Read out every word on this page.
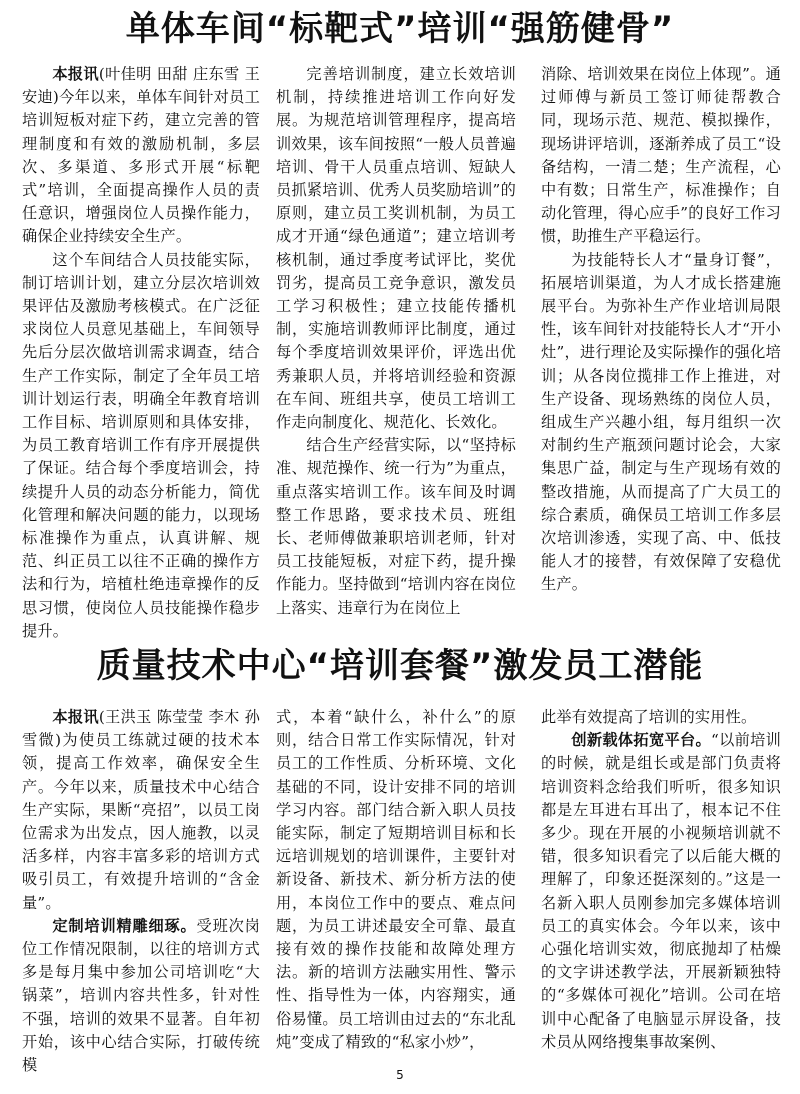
单体车间“标靶式”培训“强筋健骨”

本报讯(叶佳明 田甜 庄东雪 王安迪)今年以来，单体车间针对员工培训短板对症下药，建立完善的管理制度和有效的激励机制，多层次、多渠道、多形式开展“标靶式”培训，全面提高操作人员的责任意识，增强岗位人员操作能力，确保企业持续安全生产。

这个车间结合人员技能实际，制订培训计划，建立分层次培训效果评估及激励考核模式。在广泛征求岗位人员意见基础上，车间领导先后分层次做培训需求调查，结合生产工作实际，制定了全年员工培训计划运行表，明确全年教育培训工作目标、培训原则和具体安排，为员工教育培训工作有序开展提供了保证。结合每个季度培训会，持续提升人员的动态分析能力，简优化管理和解决问题的能力，以现场标准操作为重点，认真讲解、规范、纠正员工以往不正确的操作方法和行为，培植杜绝违章操作的反思习惯，使岗位人员技能操作稳步提升。

完善培训制度，建立长效培训机制，持续推进培训工作向好发展。为规范培训管理程序，提高培训效果，该车间按照“一般人员普遍培训、骨干人员重点培训、短缺人员抓紧培训、优秀人员奖励培训”的原则，建立员工奖训机制，为员工成才开通“绿色通道”；建立培训考核机制，通过季度考试评比，奖优罚劣，提高员工竞争意识，激发员工学习积极性；建立技能传播机制，实施培训教师评比制度，通过每个季度培训效果评价，评选出优秀兼职人员，并将培训经验和资源在车间、班组共享，使员工培训工作走向制度化、规范化、长效化。

结合生产经营实际，以“坚持标准、规范操作、统一行为”为重点，重点落实培训工作。该车间及时调整工作思路，要求技术员、班组长、老师傅做兼职培训老师，针对员工技能短板，对症下药，提升操作能力。坚持做到“培训内容在岗位上落实、违章行为在岗位上

消除、培训效果在岗位上体现”。通过师傅与新员工签订师徒帮教合同，现场示范、规范、模拟操作，现场讲评培训，逐渐养成了员工“设备结构，一清二楚；生产流程，心中有数；日常生产，标准操作；自动化管理，得心应手”的良好工作习惯，助推生产平稳运行。

为技能特长人才“量身订餐”，拓展培训渠道，为人才成长搭建施展平台。为弥补生产作业培训局限性，该车间针对技能特长人才“开小灶”，进行理论及实际操作的强化培训；从各岗位揽排工作上推进，对生产设备、现场熟练的岗位人员，组成生产兴趣小组，每月组织一次对制约生产瓶颈问题讨论会，大家集思广益，制定与生产现场有效的整改措施，从而提高了广大员工的综合素质，确保员工培训工作多层次培训渗透，实现了高、中、低技能人才的接替，有效保障了安稳优生产。

质量技术中心“培训套餐”激发员工潜能

本报讯(王洪玉 陈莹莹 李木 孙雪微)为使员工练就过硬的技术本领，提高工作效率，确保安全生产。今年以来，质量技术中心结合生产实际，果断“亮招”，以员工岗位需求为出发点，因人施教，以灵活多样，内容丰富多彩的培训方式吸引员工，有效提升培训的“含金量”。

定制培训精雕细琢。受班次岗位工作情况限制，以往的培训方式多是每月集中参加公司培训吃“大锅菜”，培训内容共性多，针对性不强，培训的效果不显著。自年初开始，该中心结合实际，打破传统模

式，本着“缺什么，补什么”的原则，结合日常工作实际情况，针对员工的工作性质、分析环境、文化基础的不同，设计安排不同的培训学习内容。部门结合新入职人员技能实际，制定了短期培训目标和长远培训规划的培训课件，主要针对新设备、新技术、新分析方法的使用，本岗位工作中的要点、难点问题，为员工讲述最安全可靠、最直接有效的操作技能和故障处理方法。新的培训方法融实用性、警示性、指导性为一体，内容翔实，通俗易懂。员工培训由过去的“东北乱炖”变成了精致的“私家小炒”，

此举有效提高了培训的实用性。

创新载体拓宽平台。“以前培训的时候，就是组长或是部门负责将培训资料念给我们听听，很多知识都是左耳进右耳出了，根本记不住多少。现在开展的小视频培训就不错，很多知识看完了以后能大概的理解了，印象还挺深刻的。”这是一名新入职人员刚参加完多媒体培训员工的真实体会。今年以来，该中心强化培训实效，彻底抛却了枯燥的文字讲述教学法，开展新颖独特的“多媒体可视化”培训。公司在培训中心配备了电脑显示屏设备，技术员从网络搜集事故案例、

5
